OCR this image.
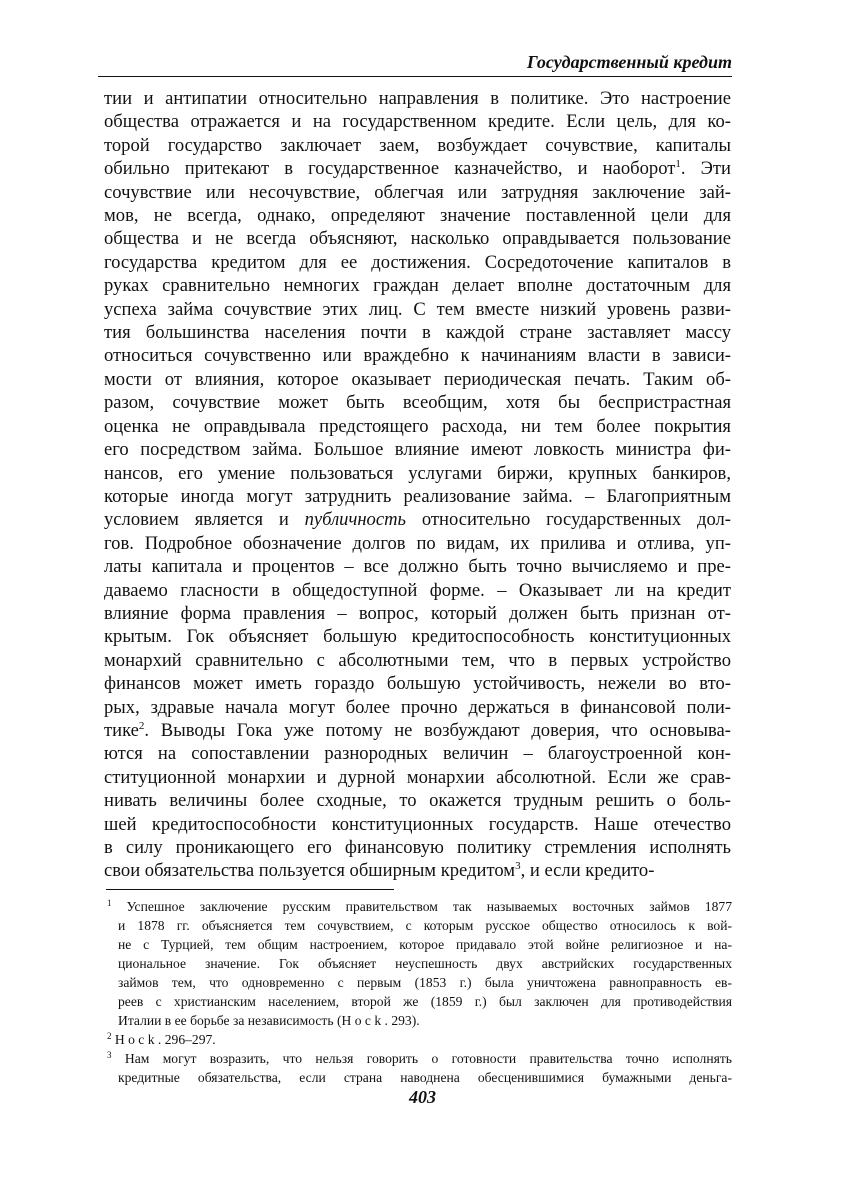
Государственный кредит
тии и антипатии относительно направления в политике. Это настроение
общества отражается и на государственном кредите. Если цель, для ко-
торой государство заключает заем, возбуждает сочувствие, капиталы
обильно притекают в государственное казначейство, и наоборот$^1$. Эти
сочувствие или несочувствие, облегчая или затрудняя заключение зай-
мов, не всегда, однако, определяют значение поставленной цели для
общества и не всегда объясняют, насколько оправдывается пользование
государства кредитом для ее достижения. Сосредоточение капиталов в
руках сравнительно немногих граждан делает вполне достаточным для
успеха займа сочувствие этих лиц. С тем вместе низкий уровень разви-
тия большинства населения почти в каждой стране заставляет массу
относиться сочувственно или враждебно к начинаниям власти в зависи-
мости от влияния, которое оказывает периодическая печать. Таким об-
разом, сочувствие может быть всеобщим, хотя бы беспристрастная
оценка не оправдывала предстоящего расхода, ни тем более покрытия
его посредством займа. Большое влияние имеют ловкость министра фи-
нансов, его умение пользоваться услугами биржи, крупных банкиров,
которые иногда могут затруднить реализование займа. – Благоприятным
условием является и публичность относительно государственных дол-
гов. Подробное обозначение долгов по видам, их прилива и отлива, уп-
латы капитала и процентов – все должно быть точно вычисляемо и пре-
даваемо гласности в общедоступной форме. – Оказывает ли на кредит
влияние форма правления – вопрос, который должен быть признан от-
крытым. Гок объясняет большую кредитоспособность конституционных
монархий сравнительно с абсолютными тем, что в первых устройство
финансов может иметь гораздо большую устойчивость, нежели во вто-
рых, здравые начала могут более прочно держаться в финансовой поли-
тике$^2$. Выводы Гока уже потому не возбуждают доверия, что основыва-
ются на сопоставлении разнородных величин – благоустроенной кон-
ституционной монархии и дурной монархии абсолютной. Если же срав-
нивать величины более сходные, то окажется трудным решить о боль-
шей кредитоспособности конституционных государств. Наше отечество
в силу проникающего его финансовую политику стремления исполнять
свои обязательства пользуется обширным кредитом$^3$, и если кредито-
$^1$ Успешное заключение русским правительством так называемых восточных займов 1877
и 1878 гг. объясняется тем сочувствием, с которым русское общество относилось к вой-
не с Турцией, тем общим настроением, которое придавало этой войне религиозное и на-
циональное значение. Гок объясняет неуспешность двух австрийских государственных
займов тем, что одновременно с первым (1853 г.) была уничтожена равноправность ев-
реев с христианским населением, второй же (1859 г.) был заключен для противодействия
Италии в ее борьбе за независимость (H o c k . 293).
$^2$ H o c k . 296–297.
$^3$ Нам могут возразить, что нельзя говорить о готовности правительства точно исполнять
кредитные обязательства, если страна наводнена обесценившимися бумажными деньга-
403
